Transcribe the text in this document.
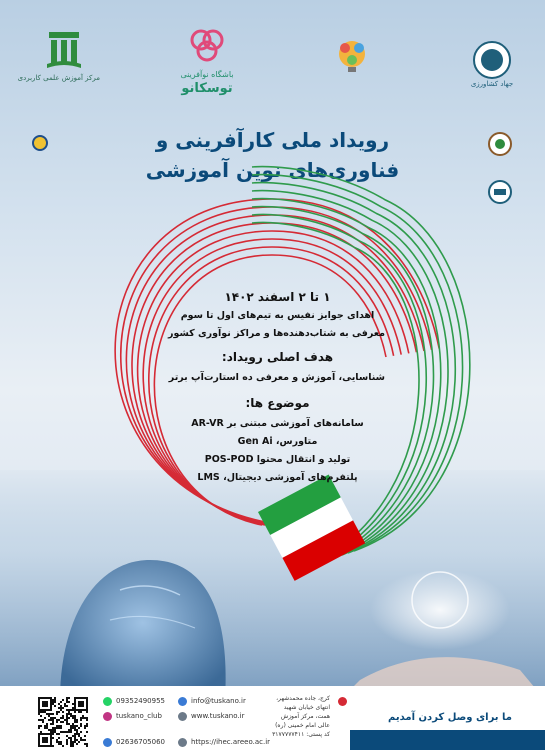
مرکز آموزش علمی کاربردی	باشگاه نوآفرینی
توسکانو	جهاد کشاورزی
رویداد ملی کارآفرینی و
فناوری‌های نوین آموزشی
۱ تا ۲ اسفند ۱۴۰۲
اهدای جوایز نفیس به تیم‌های اول تا سوم
معرفی به شتاب‌دهنده‌ها و مراکز نوآوری کشور
هدف اصلی رویداد:
شناسایی، آموزش و معرفی ده استارت‌آپ برتر
موضوع ها:
سامانه‌های آموزشی مبتنی بر AR-VR
متاورس، Gen Ai
تولید و انتقال محتوا POS-POD
پلتفرم‌های آموزشی دیجیتال، LMS
09352490955
tuskano_club
02636705060
info@tuskano.ir
www.tuskano.ir
https://ihec.areeo.ac.ir
کرج، جاده محمدشهر،
انتهای خیابان شهید
همت، مرکز آموزش
عالی امام خمینی (ره)
کد پستی: ۳۱۷۷۷۷۷۴۱۱
ما برای وصل کردن آمدیم
